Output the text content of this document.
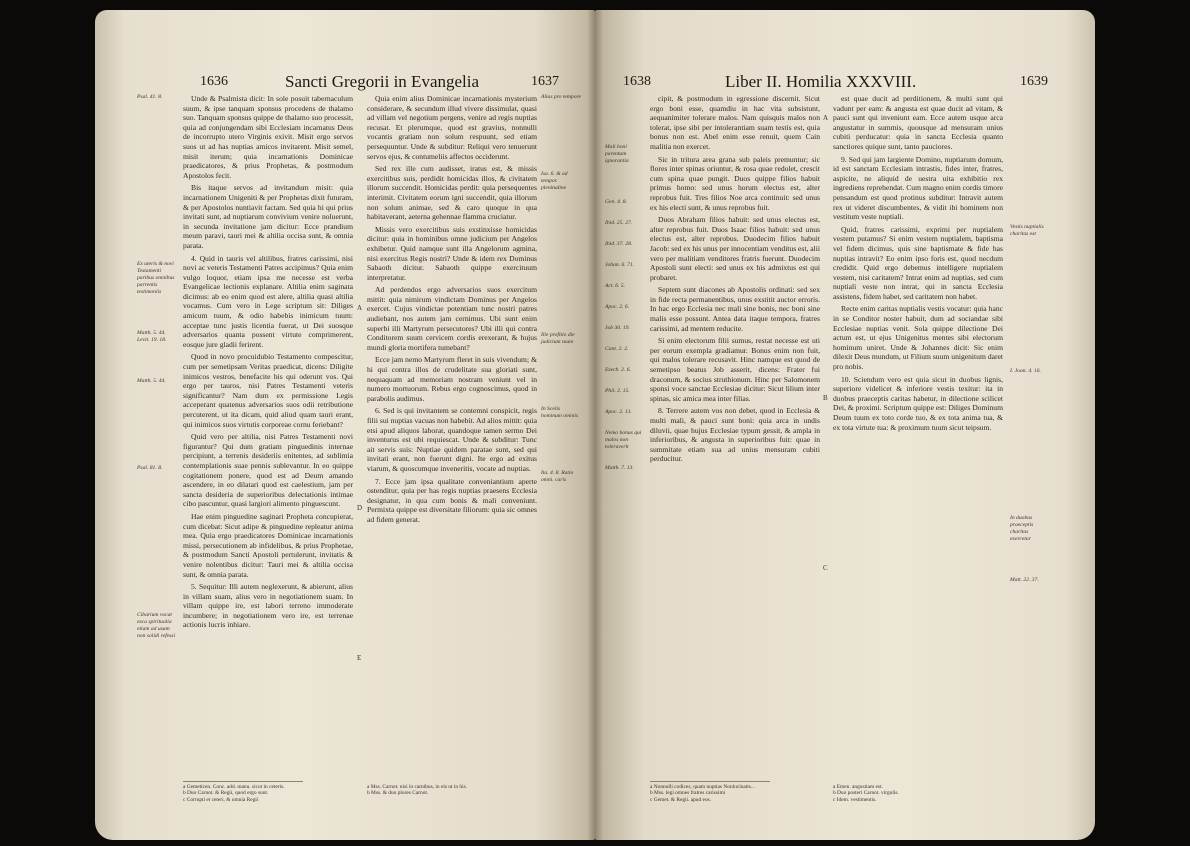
1636	Sancti Gregorii in Evangelia	1637
Psal. 41. 8.
Ex uteris & novi Testamenti paribus omnibus parrentis testimoniis
Matth. 5. 44. Levit. 19. 18.
Matth. 5. 44.
Psal. 81. 8.
Cibarium vocat esca spiritualia etiam ad usum non solidi refessi

Unde & Psalmista dicit: In sole posuit tabernaculum suum, & ipse tanquam sponsus procedens de thalamo suo. Tanquam sponsus quippe de thalamo suo processit, quia ad conjungendam sibi Ecclesiam incarnatus Deus de incorrupto utero Virginis exivit. Misit ergo servos suos ut ad has nuptias amicos invitarent. Misit semel, misit iterum; quia incarnationis Dominicae praedicatores, & prius Prophetas, & postmodum Apostolos fecit.

Bis itaque servos ad invitandum misit: quia incarnationem Unigeniti & per Prophetas dixit futuram, & per Apostolos nuntiavit factam. Sed quia hi qui prius invitati sunt, ad nuptiarum convivium venire noluerunt, in secunda invitatione jam dicitur: Ecce prandium meum paravi, tauri mei & altilia occisa sunt, & omnia parata.

4. Quid in tauris vel altilibus, fratres carissimi, nisi novi ac veteris Testamenti Patres accipimus? Quia enim vulgo loquor, etiam ipsa me necesse est verba Evangelicae lectionis explanare. Altilia enim saginata dicimus: ab eo enim quod est alere, altilia quasi altilia vocamus. Cum vero in Lege scriptum sit: Diliges amicum tuum, & odio habebis inimicum tuum: acceptae tunc justis licentia fuerat, ut Dei suosque adversarios quanta possent virtute comprimerent, eosque jure gladii ferirent.

Quod in novo procuidubio Testamento compescitur, cum per semetipsam Veritas praedicat, dicens: Diligite inimicos vestros, benefacite his qui oderunt vos. Qui ergo per tauros, nisi Patres Testamenti veteris significantur? Nam dum ex permissione Legis acceperant quatenus adversarios suos odii retributione percuterent, ut ita dicam, quid aliud quam tauri erant, qui inimicos suos virtutis corporeae cornu feriebant?

Quid vero per altilia, nisi Patres Testamenti novi figurantur? Qui dum gratiam pinguedinis internae percipiunt, a terrenis desideriis enitentes, ad sublimia contemplationis suae pennis sublevantur. In eo quippe cogitationem ponere, quod est ad Deum amando ascendere, in eo dilatari quod est caelestium, jam per sancta desideria de superioribus delectationis intimae cibo pascuntur, quasi largiori alimento pinguescunt.

Hae enim pinguedine saginari Propheta concupierat, cum dicebat: Sicut adipe & pinguedine repleatur anima mea. Quia ergo praedicatores Dominicae incarnationis missi, persecutionem ab infidelibus, & prius Prophetae, & postmodum Sancti Apostoli pertulerunt, invitatis & venire nolentibus dicitur: Tauri mei & altilia occisa sunt, & omnia parata.

5. Sequitur: Illi autem neglexerunt, & abierunt, alius in villam suam, alius vero in negotiationem suam. In villam quippe ire, est labori terreno immoderate incumbere; in negotiationem vero ire, est terrenae actionis lucris inhiare.

A
D
E

Quia enim alius Dominicae incarnationis mysterium considerare, & secundum illud vivere dissimulat, quasi ad villam vel negotium pergens, venire ad regis nuptias recusat. Et plerumque, quod est gravius, nonnulli vocantis gratiam non solum respuunt, sed etiam persequuntur. Unde & subditur: Reliqui vero tenuerunt servos ejus, & contumeliis affectos occiderunt.

Sed rex ille cum audisset, iratus est, & missis exercitibus suis, perdidit homicidas illos, & civitatem illorum succendit. Homicidas perdit: quia persequentes interimit. Civitatem eorum igni succendit, quia illorum non solum animae, sed & caro quoque in qua habitaverant, aeterna gehennae flamma cruciatur.

Missis vero exercitibus suis exstinxisse homicidas dicitur: quia in hominibus omne judicium per Angelos exhibetur. Quid namque sunt illa Angelorum agmina, nisi exercitus Regis nostri? Unde & idem rex Dominus Sabaoth dicitur. Sabaoth quippe exercituum interpretatur.

Ad perdendos ergo adversarios suos exercitum mittit: quia nimirum vindictam Dominus per Angelos exercet. Cujus vindictae potentiam tunc nostri patres audiebant, nos autem jam cernimus. Ubi sunt enim superbi illi Martyrum persecutores? Ubi illi qui contra Conditorem suum cervicem cordis erexerant, & hujus mundi gloria mortifera tumebant?

Ecce jam nemo Martyrum fleret in suis vivendum; & hi qui contra illos de crudelitate sua gloriati sunt, nequaquam ad memoriam nostram veniunt vel in numero mortuorum. Rebus ergo cognoscimus, quod in parabolis audimus.

6. Sed is qui invitantem se contemni conspicit, regis filii sui nuptias vacuas non habebit. Ad alios mittit: quia etsi apud aliquos laborat, quandoque tamen sermo Dei inventurus est ubi requiescat. Unde & subditur: Tunc ait servis suis: Nuptiae quidem paratae sunt, sed qui invitati erant, non fuerunt digni. Ite ergo ad exitus viarum, & quoscumque inveneritis, vocate ad nuptias.

7. Ecce jam ipsa qualitate conveniantium aperte ostenditur, quia per has regis nuptias praesens Ecclesia designatur, in qua cum bonis & mali conveniunt. Permixta quippe est diversitate filiorum: quia sic omnes ad fidem generat.

Alias pro tempore
Isa. 6. & ad tempor. plenitudine
Ille profitio die judicium tuum
In Scelis hominum ominis
Ita. 4. 8. Ratio omni. caris
a Gemeticen. Conc. add. manu. sicut in ceteris.
b Duo Carnot. & Regii, quod ergo sunt.
c Corrupti et ceteri, & omnia Regii
a Mss. Carnot. nisi in carnibus, in eis ut in his.
b Mss. & duo plures Carnot.
1638	Liber II. Homilia XXXVIII.	1639
Mali boni parentum ignorantia
Gen. 4. 8.
Ibid. 25. 27.
Ibid. 37. 28.
Johan. 6. 71.
Act. 6. 5.
Apoc. 2. 6.
Job 30. 19.
Cant. 2. 2.
Ezech. 2. 6.
Phil. 2. 15.
Apoc. 2. 13.
Nemo bonus qui malos non toleraverit
Matth. 7. 13.

cipit, & postmodum in egressione discernit. Sicut ergo boni esse, quamdiu in hac vita subsistunt, aequanimiter tolerare malos. Nam quisquis malos non tolerat, ipse sibi per intolerantiam suam testis est, quia bonus non est. Abel enim esse renuit, quem Cain malitia non exercet.

Sic in tritura area grana sub paleis premuntur; sic flores inter spinas oriuntur, & rosa quae redolet, crescit cum spina quae pungit. Duos quippe filios habuit primus homo: sed unus horum electus est, alter reprobus fuit. Tres filios Noe arca continuit: sed unus ex his electi sunt, & unus reprobus fuit.

Duos Abraham filios habuit: sed unus electus est, alter reprobus fuit. Duos Isaac filios habuit: sed unus electus est, alter reprobus. Duodecim filios habuit Jacob: sed ex his unus per innocentiam venditus est, alii vero per malitiam venditores fratris fuerunt. Duodecim Apostoli sunt electi: sed unus ex his admixtus est qui probaret.

Septem sunt diacones ab Apostolis ordinati: sed sex in fide recta permanentibus, unus exstitit auctor erroris. In hac ergo Ecclesia nec mali sine bonis, nec boni sine malis esse possunt. Antea data itaque tempora, fratres carissimi, ad mentem reducite.

Si enim electorum filii sumus, restat necesse est uti per eorum exempla gradiamur. Bonus enim non fuit, qui malos tolerare recusavit. Hinc namque est quod de semetipso beatus Job asserit, dicens: Frater fui draconum, & socius struthionum. Hinc per Salomonem sponsi voce sanctae Ecclesiae dicitur: Sicut lilium inter spinas, sic amica mea inter filias.

8. Terrere autem vos non debet, quod in Ecclesia & multi mali, & pauci sunt boni: quia arca in undis diluvii, quae hujus Ecclesiae typum gessit, & ampla in inferioribus, & angusta in superioribus fuit: quae in summitate etiam sua ad unius mensuram cubiti perducitur.

A
B
C

est quae ducit ad perditionem, & multi sunt qui vadunt per eam: & angusta est quae ducit ad vitam, & pauci sunt qui inveniunt eam. Ecce autem usque arca angustatur in summis, quousque ad mensuram unius cubiti perducatur: quia in sancta Ecclesia quanto sanctiores quique sunt, tanto pauciores.

9. Sed qui jam largiente Domino, nuptiarum domum, id est sanctam Ecclesiam intrastis, fides inter, fratres, aspicite, ne aliquid de uestra uita exhibitio rex ingrediens reprehendat. Cum magno enim cordis timore pensandum est quod protinus subditur: Intravit autem rex ut videret discumbentes, & vidit ibi hominem non vestitum veste nuptiali.

Quid, fratres carissimi, exprimi per nuptialem vestem putamus? Si enim vestem nuptialem, baptisma vel fidem dicimus, quis sine baptismate & fide has nuptias intravit? Eo enim ipso foris est, quod necdum credidit. Quid ergo debemus intelligere nuptialem vestem, nisi caritatem? Intrat enim ad nuptias, sed cum nuptiali veste non intrat, qui in sancta Ecclesia assistens, fidem habet, sed caritatem non habet.

Recte enim caritas nuptialis vestis vocatur: quia hanc in se Conditor noster habuit, dum ad sociandae sibi Ecclesiae nuptias venit. Sola quippe dilectione Dei actum est, ut ejus Unigenitus mentes sibi electorum hominum uniret. Unde & Johannes dicit: Sic enim dilexit Deus mundum, ut Filium suum unigenitum daret pro nobis.

10. Sciendum vero est quia sicut in duobus lignis, superiore videlicet & inferiore vestis texitur: ita in duobus praeceptis caritas habetur, in dilectione scilicet Dei, & proximi. Scriptum quippe est: Diliges Dominum Deum tuum ex toto corde tuo, & ex tota anima tua, & ex tota virtute tua: & proximum tuum sicut teipsum.

Vestis nuptialis charitas est
I. Joan. 4. 16.
In duobus praeceptis charitas exercetur
Matt. 22. 37.
a Nonnulli codices, quam nuptias Nonlucinatis...
b Mss. legi omnes fratres carissimi
c Gemet. & Regii. apud eos.
a Emen. angustiam est.
b Duo posteri Carnot. virgulis.
c Idem. vestimentis.
